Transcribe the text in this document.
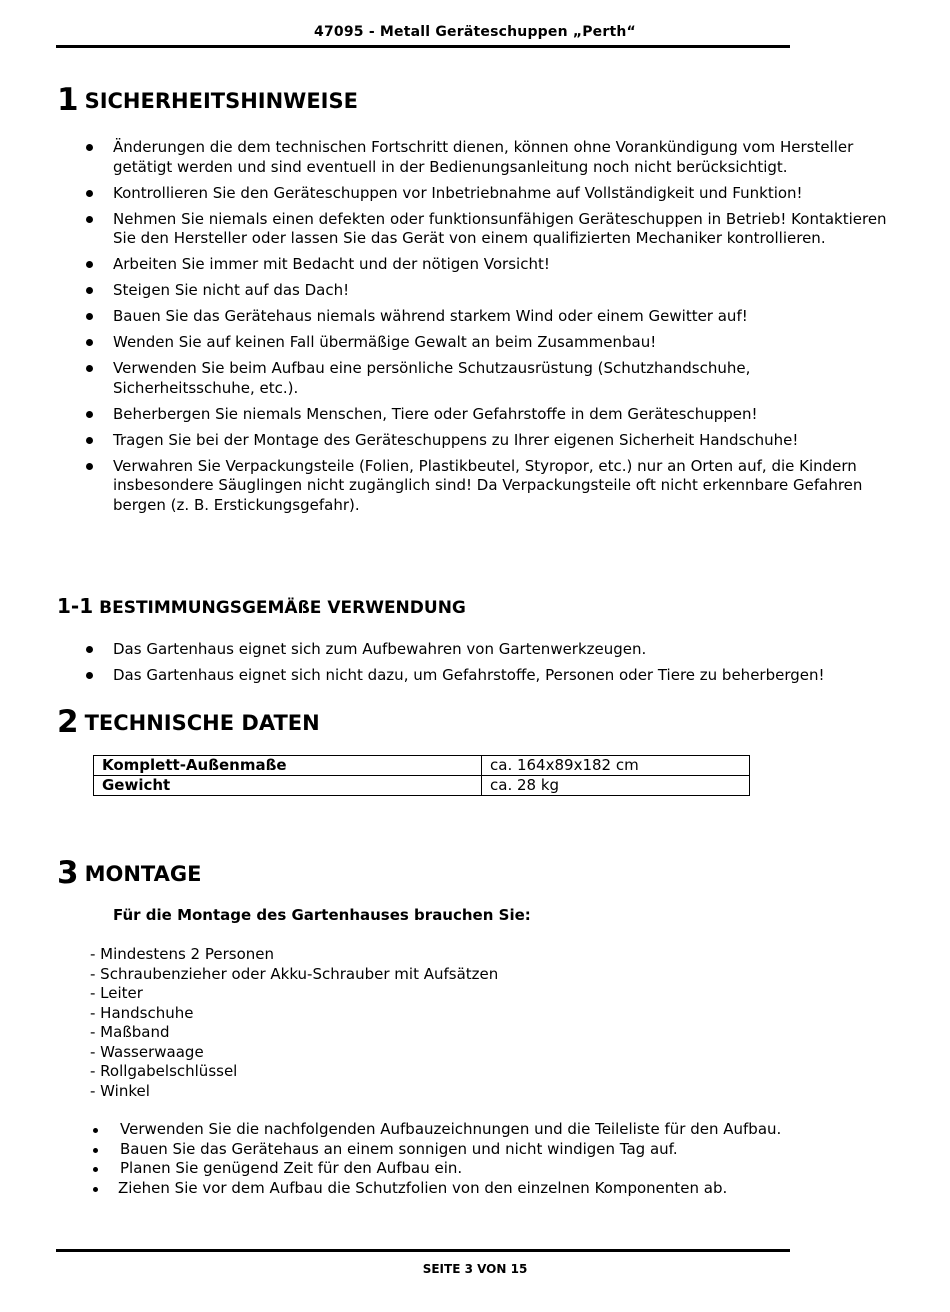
47095 - Metall Geräteschuppen „Perth“
1 SICHERHEITSHINWEISE
Änderungen die dem technischen Fortschritt dienen, können ohne Vorankündigung vom Hersteller getätigt werden und sind eventuell in der Bedienungsanleitung noch nicht berücksichtigt.
Kontrollieren Sie den Geräteschuppen vor Inbetriebnahme auf Vollständigkeit und Funktion!
Nehmen Sie niemals einen defekten oder funktionsunfähigen Geräteschuppen in Betrieb! Kontaktieren Sie den Hersteller oder lassen Sie das Gerät von einem qualifizierten Mechaniker kontrollieren.
Arbeiten Sie immer mit Bedacht und der nötigen Vorsicht!
Steigen Sie nicht auf das Dach!
Bauen Sie das Gerätehaus niemals während starkem Wind oder einem Gewitter auf!
Wenden Sie auf keinen Fall übermäßige Gewalt an beim Zusammenbau!
Verwenden Sie beim Aufbau eine persönliche Schutzausrüstung (Schutzhandschuhe, Sicherheitsschuhe, etc.).
Beherbergen Sie niemals Menschen, Tiere oder Gefahrstoffe in dem Geräteschuppen!
Tragen Sie bei der Montage des Geräteschuppens zu Ihrer eigenen Sicherheit Handschuhe!
Verwahren Sie Verpackungsteile (Folien, Plastikbeutel, Styropor, etc.) nur an Orten auf, die Kindern insbesondere Säuglingen nicht zugänglich sind! Da Verpackungsteile oft nicht erkennbare Gefahren bergen (z. B. Erstickungsgefahr).
1-1 BESTIMMUNGSGEMÄßE VERWENDUNG
Das Gartenhaus eignet sich zum Aufbewahren von Gartenwerkzeugen.
Das Gartenhaus eignet sich nicht dazu, um Gefahrstoffe, Personen oder Tiere zu beherbergen!
2 TECHNISCHE DATEN
Komplett-Außenmaße	ca. 164x89x182 cm
Gewicht	ca. 28 kg
3 MONTAGE
Für die Montage des Gartenhauses brauchen Sie:
- Mindestens 2 Personen
- Schraubenzieher oder Akku-Schrauber mit Aufsätzen
- Leiter
- Handschuhe
- Maßband
- Wasserwaage
- Rollgabelschlüssel
- Winkel
Verwenden Sie die nachfolgenden Aufbauzeichnungen und die Teileliste für den Aufbau.
Bauen Sie das Gerätehaus an einem sonnigen und nicht windigen Tag auf.
Planen Sie genügend Zeit für den Aufbau ein.
Ziehen Sie vor dem Aufbau die Schutzfolien von den einzelnen Komponenten ab.
SEITE 3 VON 15
